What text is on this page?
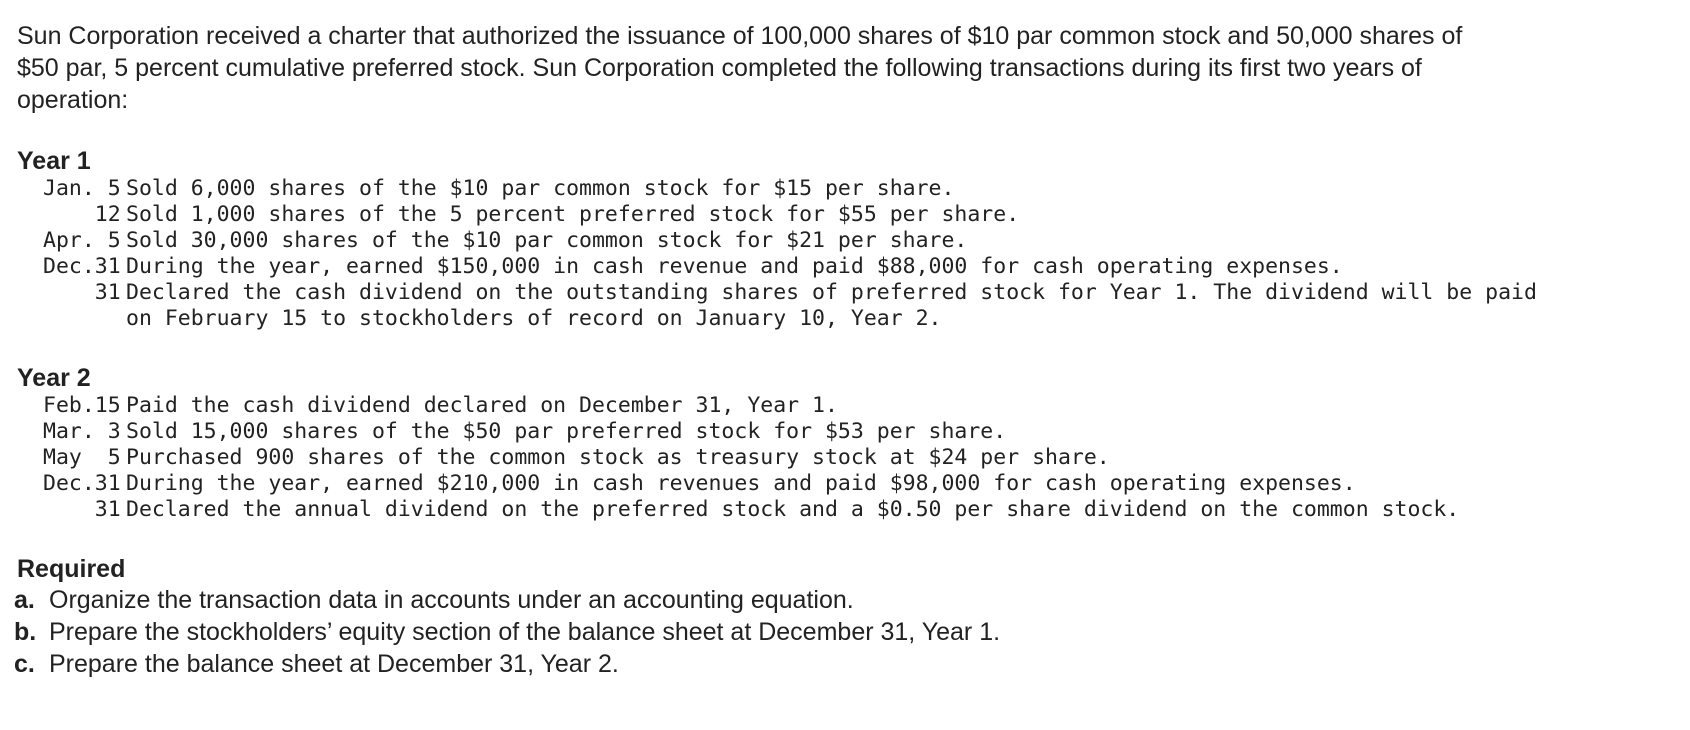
Sun Corporation received a charter that authorized the issuance of 100,000 shares of $10 par common stock and 50,000 shares of
$50 par, 5 percent cumulative preferred stock. Sun Corporation completed the following transactions during its first two years of
operation:

Year 1
Jan. 5 Sold 6,000 shares of the $10 par common stock for $15 per share.
12 Sold 1,000 shares of the 5 percent preferred stock for $55 per share.
Apr. 5 Sold 30,000 shares of the $10 par common stock for $21 per share.
Dec.31 During the year, earned $150,000 in cash revenue and paid $88,000 for cash operating expenses.
31 Declared the cash dividend on the outstanding shares of preferred stock for Year 1. The dividend will be paid
on February 15 to stockholders of record on January 10, Year 2.
Year 2
Feb.15 Paid the cash dividend declared on December 31, Year 1.
Mar. 3 Sold 15,000 shares of the $50 par preferred stock for $53 per share.
May  5 Purchased 900 shares of the common stock as treasury stock at $24 per share.
Dec.31 During the year, earned $210,000 in cash revenues and paid $98,000 for cash operating expenses.
31 Declared the annual dividend on the preferred stock and a $0.50 per share dividend on the common stock.
Required
a. Organize the transaction data in accounts under an accounting equation.
b. Prepare the stockholders’ equity section of the balance sheet at December 31, Year 1.
c. Prepare the balance sheet at December 31, Year 2.
